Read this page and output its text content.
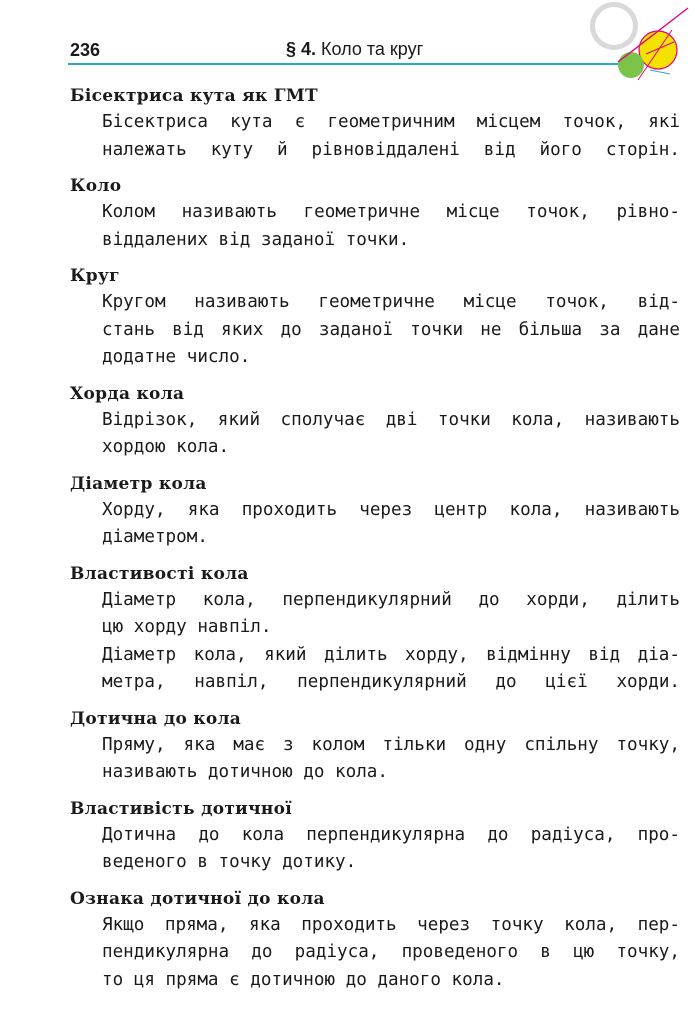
236	§ 4. Коло та круг
Бісектриса кута як ГМТ
Бісектриса кута є геометричним місцем точок, які
належать куту й рівновіддалені від його сторін.
Коло
Колом називають геометричне місце точок, рівно-
віддалених від заданої точки.
Круг
Кругом називають геометричне місце точок, від-
стань від яких до заданої точки не більша за дане
додатне число.
Хорда кола
Відрізок, який сполучає дві точки кола, називають
хордою кола.
Діаметр кола
Хорду, яка проходить через центр кола, називають
діаметром.
Властивості кола
Діаметр кола, перпендикулярний до хорди, ділить
цю хорду навпіл.
Діаметр кола, який ділить хорду, відмінну від діа-
метра, навпіл, перпендикулярний до цієї хорди.
Дотична до кола
Пряму, яка має з колом тільки одну спільну точку,
називають дотичною до кола.
Властивість дотичної
Дотична до кола перпендикулярна до радіуса, про-
веденого в точку дотику.
Ознака дотичної до кола
Якщо пряма, яка проходить через точку кола, пер-
пендикулярна до радіуса, проведеного в цю точку,
то ця пряма є дотичною до даного кола.
